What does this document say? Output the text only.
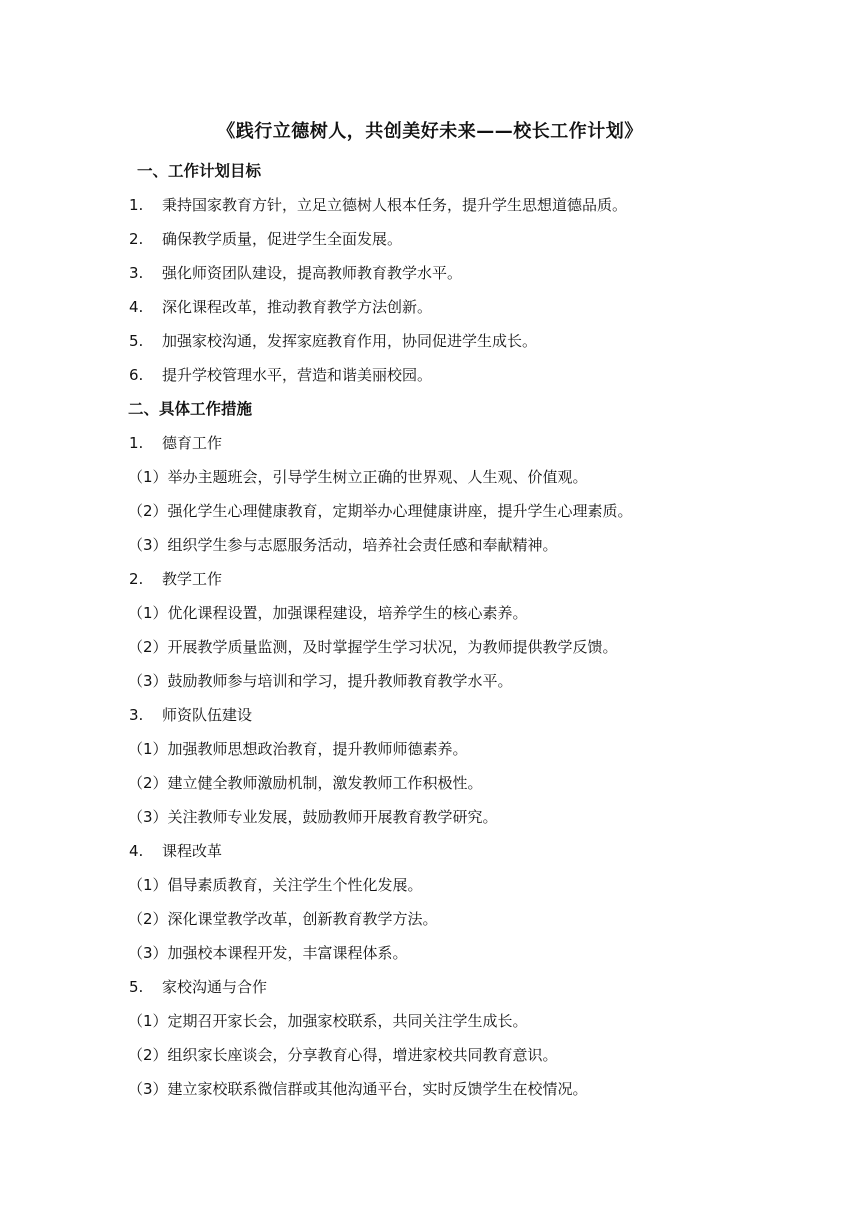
《践行立德树人，共创美好未来——校长工作计划》
一、工作计划目标
1. 秉持国家教育方针，立足立德树人根本任务，提升学生思想道德品质。
2. 确保教学质量，促进学生全面发展。
3. 强化师资团队建设，提高教师教育教学水平。
4. 深化课程改革，推动教育教学方法创新。
5. 加强家校沟通，发挥家庭教育作用，协同促进学生成长。
6. 提升学校管理水平，营造和谐美丽校园。
二、具体工作措施
1. 德育工作
（1）举办主题班会，引导学生树立正确的世界观、人生观、价值观。
（2）强化学生心理健康教育，定期举办心理健康讲座，提升学生心理素质。
（3）组织学生参与志愿服务活动，培养社会责任感和奉献精神。
2. 教学工作
（1）优化课程设置，加强课程建设，培养学生的核心素养。
（2）开展教学质量监测，及时掌握学生学习状况，为教师提供教学反馈。
（3）鼓励教师参与培训和学习，提升教师教育教学水平。
3. 师资队伍建设
（1）加强教师思想政治教育，提升教师师德素养。
（2）建立健全教师激励机制，激发教师工作积极性。
（3）关注教师专业发展，鼓励教师开展教育教学研究。
4. 课程改革
（1）倡导素质教育，关注学生个性化发展。
（2）深化课堂教学改革，创新教育教学方法。
（3）加强校本课程开发，丰富课程体系。
5. 家校沟通与合作
（1）定期召开家长会，加强家校联系，共同关注学生成长。
（2）组织家长座谈会，分享教育心得，增进家校共同教育意识。
（3）建立家校联系微信群或其他沟通平台，实时反馈学生在校情况。
